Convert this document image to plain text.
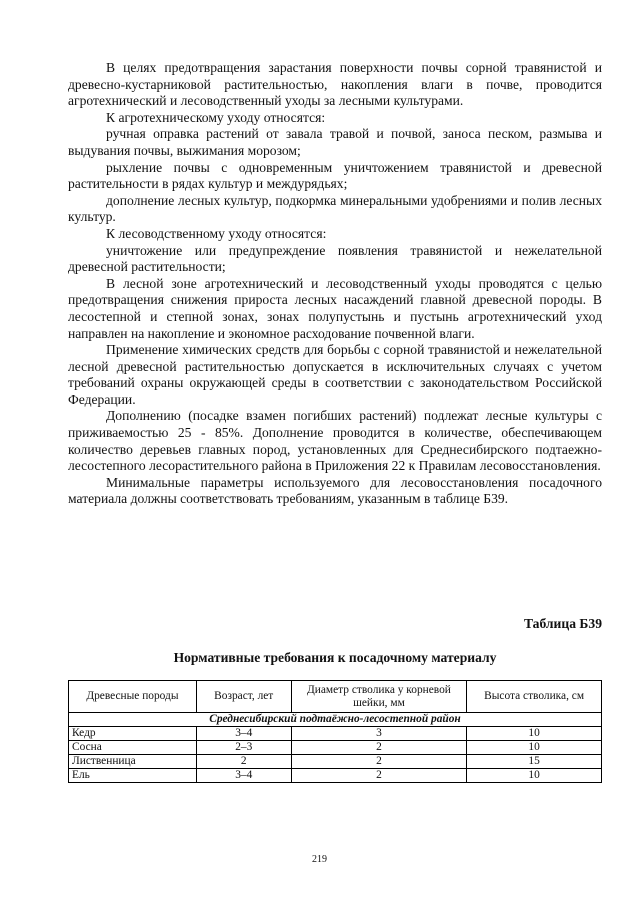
В целях предотвращения зарастания поверхности почвы сорной травянистой и древесно-кустарниковой растительностью, накопления влаги в почве, проводится агротехнический и лесоводственный уходы за лесными культурами.

К агротехническому уходу относятся:

ручная оправка растений от завала травой и почвой, заноса песком, размыва и выдувания почвы, выжимания морозом;

рыхление почвы с одновременным уничтожением травянистой и древесной растительности в рядах культур и междурядьях;

дополнение лесных культур, подкормка минеральными удобрениями и полив лесных культур.

К лесоводственному уходу относятся:

уничтожение или предупреждение появления травянистой и нежелательной древесной растительности;

В лесной зоне агротехнический и лесоводственный уходы проводятся с целью предотвращения снижения прироста лесных насаждений главной древесной породы. В лесостепной и степной зонах, зонах полупустынь и пустынь агротехнический уход направлен на накопление и экономное расходование почвенной влаги.

Применение химических средств для борьбы с сорной травянистой и нежелательной лесной древесной растительностью допускается в исключительных случаях с учетом требований охраны окружающей среды в соответствии с законодательством Российской Федерации.

Дополнению (посадке взамен погибших растений) подлежат лесные культуры с приживаемостью 25 - 85%. Дополнение проводится в количестве, обеспечивающем количество деревьев главных пород, установленных для Среднесибирского подтаежно-лесостепного лесорастительного района в Приложения 22 к Правилам лесовосстановления.

Минимальные параметры используемого для лесовосстановления посадочного материала должны соответствовать требованиям, указанным в таблице Б39.

Таблица Б39
Нормативные требования к посадочному материалу
Древесные породы	Возраст, лет	Диаметр стволика у корневой шейки, мм	Высота стволика, см
Среднесибирский подтаёжно-лесостепной район			
Кедр	3–4	3	10
Сосна	2–3	2	10
Лиственница	2	2	15
Ель	3–4	2	10
219
